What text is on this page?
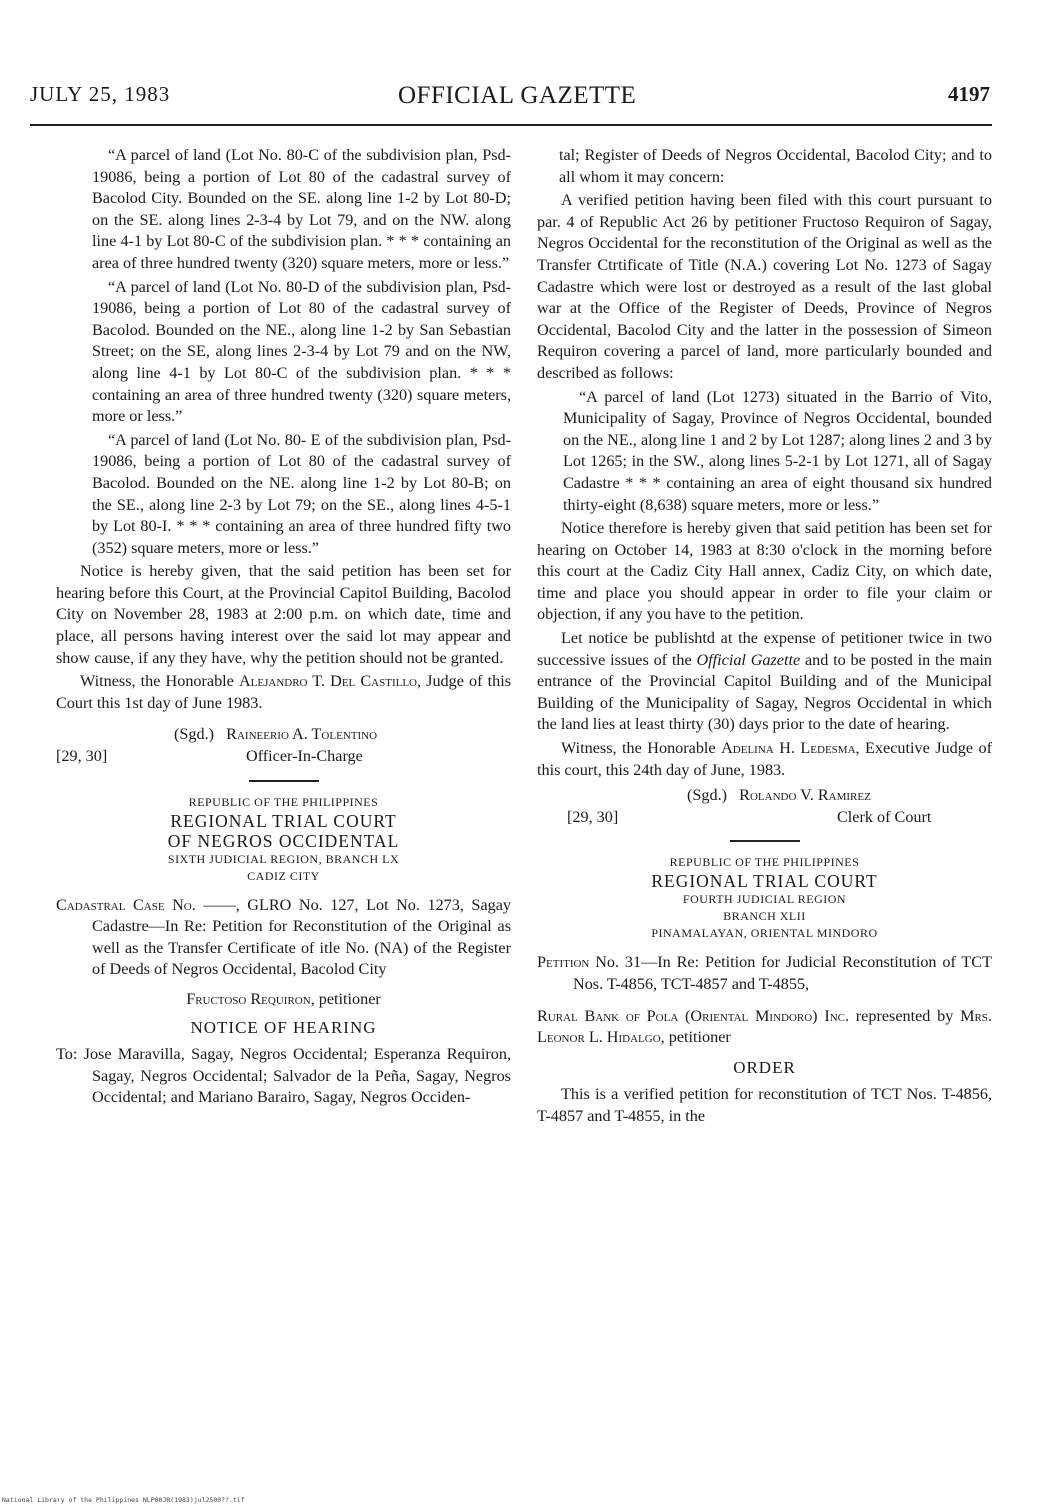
JULY 25, 1983	OFFICIAL GAZETTE	4197

“A parcel of land (Lot No. 80-C of the subdivision plan, Psd-19086, being a portion of Lot 80 of the cadastral survey of Bacolod City. Bounded on the SE. along line 1-2 by Lot 80-D; on the SE. along lines 2-3-4 by Lot 79, and on the NW. along line 4-1 by Lot 80-C of the subdivision plan. * * * containing an area of three hundred twenty (320) square meters, more or less.”

“A parcel of land (Lot No. 80-D of the subdivision plan, Psd-19086, being a portion of Lot 80 of the cadastral survey of Bacolod. Bounded on the NE., along line 1-2 by San Sebastian Street; on the SE, along lines 2-3-4 by Lot 79 and on the NW, along line 4-1 by Lot 80-C of the subdivision plan. * * * containing an area of three hundred twenty (320) square meters, more or less.”

“A parcel of land (Lot No. 80- E of the subdivision plan, Psd-19086, being a portion of Lot 80 of the cadastral survey of Bacolod. Bounded on the NE. along line 1-2 by Lot 80-B; on the SE., along line 2-3 by Lot 79; on the SE., along lines 4-5-1 by Lot 80-I. * * * containing an area of three hundred fifty two (352) square meters, more or less.”

Notice is hereby given, that the said petition has been set for hearing before this Court, at the Provincial Capitol Building, Bacolod City on November 28, 1983 at 2:00 p.m. on which date, time and place, all persons having interest over the said lot may appear and show cause, if any they have, why the petition should not be granted.

Witness, the Honorable Alejandro T. Del Castillo, Judge of this Court this 1st day of June 1983.

(Sgd.) Raineerio A. Tolentino
[29, 30]	Officer-In-Charge
REPUBLIC OF THE PHILIPPINES
REGIONAL TRIAL COURT
OF NEGROS OCCIDENTAL
SIXTH JUDICIAL REGION, BRANCH LX
CADIZ CITY

Cadastral Case No. ——, GLRO No. 127, Lot No. 1273, Sagay Cadastre—In Re: Petition for Reconstitution of the Original as well as the Transfer Certificate of itle No. (NA) of the Register of Deeds of Negros Occidental, Bacolod City

Fructoso Requiron, petitioner
NOTICE OF HEARING

To: Jose Maravilla, Sagay, Negros Occidental; Esperanza Requiron, Sagay, Negros Occidental; Salvador de la Peña, Sagay, Negros Occidental; and Mariano Barairo, Sagay, Negros Occiden-

tal; Register of Deeds of Negros Occidental, Bacolod City; and to all whom it may concern:

A verified petition having been filed with this court pursuant to par. 4 of Republic Act 26 by petitioner Fructoso Requiron of Sagay, Negros Occidental for the reconstitution of the Original as well as the Transfer Ctrtificate of Title (N.A.) covering Lot No. 1273 of Sagay Cadastre which were lost or destroyed as a result of the last global war at the Office of the Register of Deeds, Province of Negros Occidental, Bacolod City and the latter in the possession of Simeon Requiron covering a parcel of land, more particularly bounded and described as follows:

“A parcel of land (Lot 1273) situated in the Barrio of Vito, Municipality of Sagay, Province of Negros Occidental, bounded on the NE., along line 1 and 2 by Lot 1287; along lines 2 and 3 by Lot 1265; in the SW., along lines 5-2-1 by Lot 1271, all of Sagay Cadastre * * * containing an area of eight thousand six hundred thirty-eight (8,638) square meters, more or less.”

Notice therefore is hereby given that said petition has been set for hearing on October 14, 1983 at 8:30 o'clock in the morning before this court at the Cadiz City Hall annex, Cadiz City, on which date, time and place you should appear in order to file your claim or objection, if any you have to the petition.

Let notice be publishtd at the expense of petitioner twice in two successive issues of the Official Gazette and to be posted in the main entrance of the Provincial Capitol Building and of the Municipal Building of the Municipality of Sagay, Negros Occidental in which the land lies at least thirty (30) days prior to the date of hearing.

Witness, the Honorable Adelina H. Ledesma, Executive Judge of this court, this 24th day of June, 1983.

(Sgd.) Rolando V. Ramirez
[29, 30]	Clerk of Court
REPUBLIC OF THE PHILIPPINES
REGIONAL TRIAL COURT
FOURTH JUDICIAL REGION
BRANCH XLII
PINAMALAYAN, ORIENTAL MINDORO

Petition No. 31—In Re: Petition for Judicial Reconstitution of TCT Nos. T-4856, TCT-4857 and T-4855,

Rural Bank of Pola (Oriental Mindoro) Inc. represented by Mrs. Leonor L. Hidalgo, petitioner

ORDER

This is a verified petition for reconstitution of TCT Nos. T-4856, T-4857 and T-4855, in the

National Library of the Philippines NLP00JR(1983)jul2500??.tif
